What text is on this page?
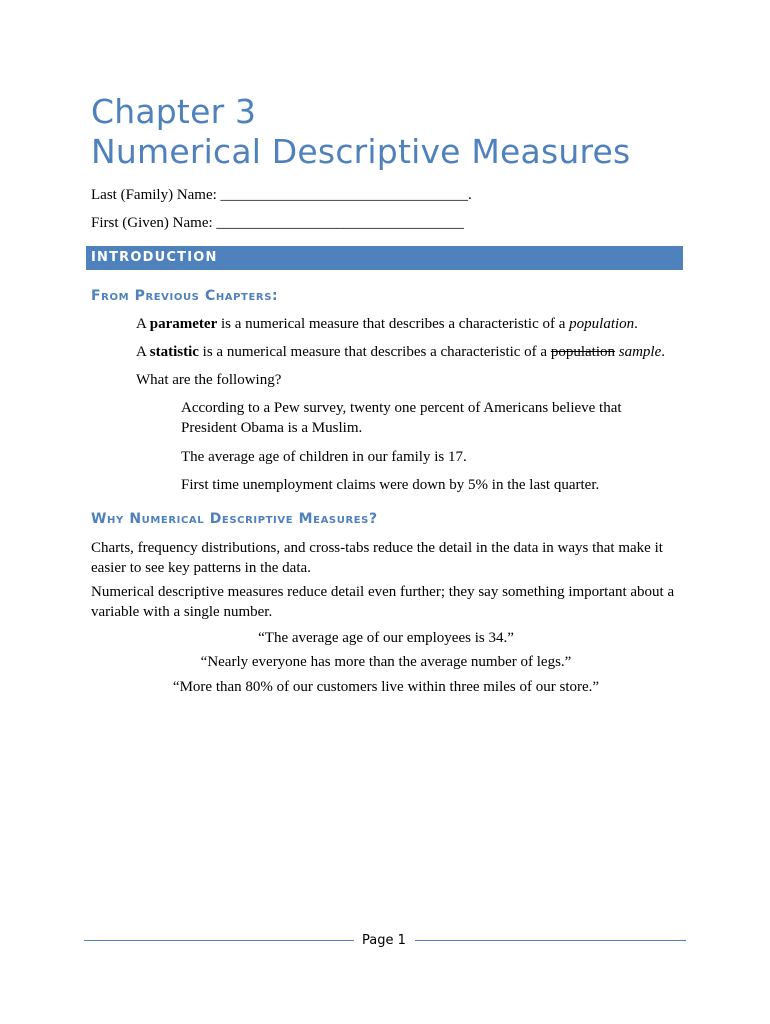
Chapter 3
Numerical Descriptive Measures
Last (Family) Name: _________________________________.
First (Given) Name: _________________________________
INTRODUCTION
From Previous Chapters:
A parameter is a numerical measure that describes a characteristic of a population.
A statistic is a numerical measure that describes a characteristic of a population sample.
What are the following?
According to a Pew survey, twenty one percent of Americans believe that President Obama is a Muslim.
The average age of children in our family is 17.
First time unemployment claims were down by 5% in the last quarter.
Why Numerical Descriptive Measures?
Charts, frequency distributions, and cross-tabs reduce the detail in the data in ways that make it easier to see key patterns in the data.
Numerical descriptive measures reduce detail even further; they say something important about a variable with a single number.
“The average age of our employees is 34.”
“Nearly everyone has more than the average number of legs.”
“More than 80% of our customers live within three miles of our store.”
Page 1
